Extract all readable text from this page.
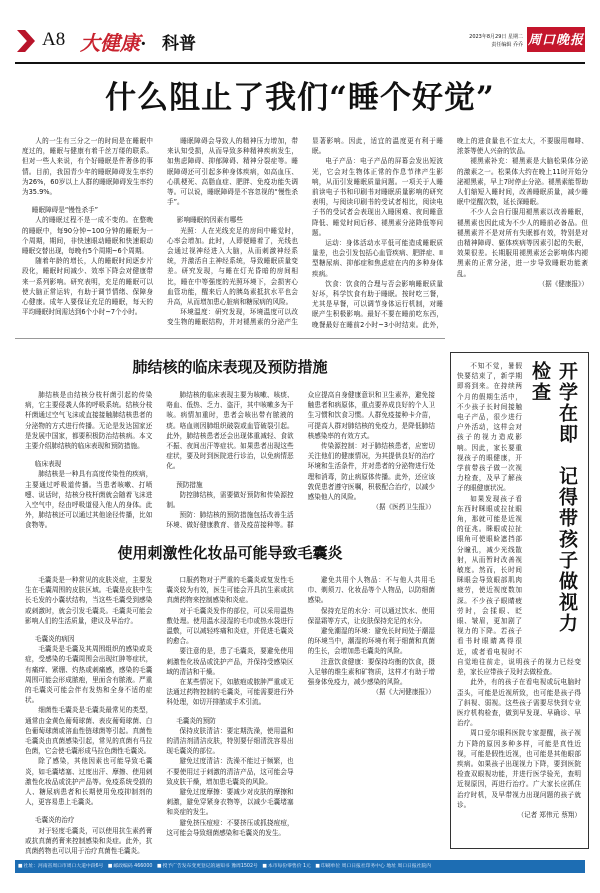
A8 大健康· 科普	2023年8月29日 星期二
责任编辑 乔乔 周口晚报
什么阻止了我们“睡个好觉”

人的一生有三分之一的时间是在睡眠中度过的，睡眠与健康有着千丝万缕的联系。但对一些人来说，有个好睡眠是件奢侈的事情。目前，我国青少年的睡眠障碍发生率约为26%，60岁以上人群的睡眠障碍发生率约为35.9%。

睡眠障碍是“慢性杀手”

人的睡眠过程不是一成不变的。在整晚的睡眠中，每90分钟~100分钟的睡眠为一个周期，期间，非快速眼动睡眠和快速眼动睡眠交替出现，每晚有5个周期~6个周期。

随着年龄的增长，人的睡眠时间逐步片段化，睡眠时间减少、效率下降会对健康带来一系列影响。研究表明，充足的睡眠可以使大脑正常运转，有助于调节情绪、保障身心健康。成年人要保证充足的睡眠，每天的平均睡眠时间需达到6个小时~7个小时。

睡眠障碍会导致人的精神压力增加，带来认知受损，从而导致多种精神疾病发生，如焦虑障碍、抑郁障碍、精神分裂症等。睡眠障碍还可引起多种身体疾病，如高血压、心肌梗死、高脂血症、肥胖、免疫功能失调等。可以说，睡眠障碍是不容忽视的“慢性杀手”。

影响睡眠的因素有哪些

光照：人在光线充足的房间中睡觉时，心率会增加。此时，人即便睡着了，光线也会通过视神经进入大脑，从而刺激神经系统，并激活自主神经系统，导致睡眠质量变差。研究发现，与睡在灯光昏暗的房间相比，睡在中等强度的光照环境下，会损害心血管功能，醒来后人的胰岛素抵抗水平也会升高，从而增加患心脏病和糖尿病的风险。

环境温度：研究发现，环境温度可以改变生物的睡眠结构，并对褪黑素的分泌产生显著影响。因此，适宜的温度更有利于睡眠。

电子产品：电子产品的屏幕会发出短波光，它会对生物体正常的作息节律产生影响，从而引发睡眠质量问题。一项关于人睡前读电子书和印刷书对睡眠质量影响的研究表明，与阅读印刷书的受试者相比，阅读电子书的受试者会表现出入睡困难、夜间睡意降低、睡觉时间后移、褪黑素分泌降低等问题。

运动：身体活动水平低可能造成睡眠质量差，也会引发包括心血管疾病、肥胖症、II型糖尿病、抑郁症和焦虑症在内的多种身体疾病。

饮食：饮食的合理与否会影响睡眠质量好坏，科学饮食有助于睡眠。按时吃三餐，尤其是早餐，可以调节身体运行机制，对睡眠产生积极影响。最好不要在睡前吃东西，晚餐最好在睡前2小时~3小时结束。此外，晚上的进食量也不宜太大，不要服用咖啡、浓茶等使人兴奋的饮品。

褪黑素补充：褪黑素是大脑松果体分泌的激素之一。松果体大约在晚上11时开始分泌褪黑素，早上7时停止分泌。褪黑素能帮助人们缩短入睡时间，改善睡眠质量，减少睡眠中觉醒次数，延长深睡眠。

不少人会自行服用褪黑素以改善睡眠，褪黑素也因此成为不少人的睡前必备品。但褪黑素并不是对所有失眠都有效，特别是对由精神障碍、躯体疾病等因素引起的失眠，效果很差。长期服用褪黑素还会影响体内褪黑素的正常分泌，进一步导致睡眠功能紊乱。

（据《健康报》）

肺结核的临床表现及预防措施

肺结核是由结核分枝杆菌引起的传染病，它主要侵袭人体的呼吸系统。结核分枝杆菌通过空气飞沫或直接接触肺结核患者的分泌物的方式进行传播。无论是发达国家还是发展中国家，都要积极防治结核病。本文主要介绍肺结核的临床表现和预防措施。

临床表现

肺结核是一种具有高度传染性的疾病，主要通过呼吸道传播。当患者咳嗽、打喷嚏、说话时，结核分枝杆菌就会随着飞沫进入空气中，经由呼吸道侵入他人的身体。此外，肺结核还可以通过其他途径传播，比如食物等。

肺结核的临床表现主要为咳嗽、咳痰、咯血、低热、乏力、盗汗，其中咳嗽多为干咳。病情加重时，患者会咳出带有脓液的痰。咯血则因肺组织破裂或血管破裂引起。此外，肺结核患者还会出现体重减轻、食欲不振、夜间出汗等症状。如果患者出现这些症状，要及时到医院进行诊治，以免病情恶化。

预防措施

防控肺结核，需要做好预防和传染源控制。

预防：肺结核的预防措施包括改善生活环境、做好健康教育、普及疫苗接种等。群众应提高自身健康意识和卫生素养，避免接触患者和病原体，重点要养成良好的个人卫生习惯和饮食习惯。人群免疫接种卡介苗，可提高人群对肺结核的免疫力，是降低肺结核感染率的有效方式。

传染源控制：对于肺结核患者，应密切关注他们的健康情况，为其提供良好的治疗环境和生活条件，并对患者的分泌物进行处理和消毒，防止病原体传播。此外，还应该敦促患者遵守医嘱，积极配合治疗，以减少感染他人的风险。

（据《医药卫生报》）

使用刺激性化妆品可能导致毛囊炎

毛囊炎是一种常见的皮肤炎症，主要发生在毛囊周围的皮肤区域。毛囊是皮肤中生长毛发的小囊状结构，当这些毛囊受到感染或刺激时，就会引发毛囊炎。毛囊炎可能会影响人们的生活质量，建议及早治疗。

毛囊炎的病因

毛囊炎是毛囊及其周围组织的感染或炎症，受感染的毛囊周围会出现红肿等症状，有痛痒、紧绷、灼热或刺痛感，感染的毛囊周围可能会形成脓疱，里面含有脓液。严重的毛囊炎可能会伴有发热和全身不适的症状。

细菌性毛囊炎是毛囊炎最常见的类型，通常由金黄色葡萄球菌、表皮葡萄球菌、白色葡萄球菌或溶血性链球菌等引起。真菌性毛囊炎由真菌感染引起，常见的真菌有马拉色菌，它会使毛囊形成马拉色菌性毛囊炎。

除了感染，其他因素也可能导致毛囊炎，如毛囊堵塞、过度出汗、摩擦、使用刺激性化妆品或洗护产品等。免疫系统受损的人、糖尿病患者和长期使用免疫抑制剂的人，更容易患上毛囊炎。

毛囊炎的治疗

对于轻度毛囊炎，可以使用抗生素药膏或抗真菌药膏来控制感染和炎症。此外，抗真菌药物也可以用于治疗真菌性毛囊炎。

口服药物对于严重的毛囊炎或复发性毛囊炎较为有效，医生可能会开具抗生素或抗真菌药物来控制感染和炎症。

对于毛囊炎发作的部位，可以采用温热敷处理。使用温水浸湿的毛巾或热水袋进行温敷，可以减轻疼痛和炎症，并促进毛囊炎的愈合。

要注意的是，患了毛囊炎，要避免使用刺激性化妆品或洗护产品，并保持受感染区域的清洁和干燥。

在某些情况下，如脓疱或脓肿严重或无法通过药物控制的毛囊炎，可能需要进行外科处理，如切开排脓或手术引流。

毛囊炎的预防

保持皮肤清洁：要定期洗澡，使用温和的清洁剂清洁皮肤，特别要仔细清洗容易出现毛囊炎的部位。

避免过度清洁：洗澡不能过于频繁，也不要使用过于刺激的清洁产品，这可能会导致皮肤干燥，增加患毛囊炎的风险。

避免过度摩擦：要减少对皮肤的摩擦和刺激，避免穿紧身衣物等，以减少毛囊堵塞和炎症的发生。

避免挤压痘痘：不要挤压或抓挠痘痘，这可能会导致细菌感染和毛囊炎的发生。

避免共用个人物品：不与他人共用毛巾、剃须刀、化妆品等个人物品，以防细菌感染。

保持充足的水分：可以通过饮水、使用保湿霜等方式，让皮肤保持充足的水分。

避免潮湿的环境：避免长时间处于潮湿的环境当中，潮湿的环境有利于细菌和真菌的生长，会增加患毛囊炎的风险。

注意饮食健康：要保持均衡的饮食，摄入足够的维生素和矿物质，这样才有助于增强身体免疫力，减少感染的风险。

（据《大河健康报》）

开学在即　记得带孩子做视力检查

不知不觉，暑假快要结束了，新学期即将到来。在持续两个月的假期生活中，不少孩子长时间接触电子产品，很少进行户外活动，这样会对孩子的视力造成影响。因此，家长要重视孩子的眼健康，开学前带孩子做一次视力检查，及早了解孩子的眼健康状况。

如果发现孩子看东西时眯眼或拉扯眼角，那就可能是近视的征兆。眯眼或拉扯眼角可使眼睑遮挡部分瞳孔，减少光线散射，从而暂时改善视敏度。然而，长时间眯眼会导致眼部肌肉疲劳，使近视度数加深。不少孩子眼睛疲劳时，会揉眼、眨眼、皱眉，更加剧了视力的下降。若孩子看书时眼睛离得很近，或者看电视时不自觉地往前走，说明孩子的视力已经变差，家长应带孩子及时去做检查。

此外，有的孩子在看电视或玩电脑时歪头，可能是近视所致，也可能是孩子得了斜视、弱视。这些孩子需要尽快到专业医疗机构检查，做到早发现、早确诊、早治疗。

周口爱尔眼科医院专家提醒，孩子视力下降的原因多种多样，可能是真性近视，可能是假性近视，也可能是其他眼部疾病。如果孩子出现视力下降，要到医院检查双眼视功能，并进行医学验光，查明近视原因，再进行治疗。广大家长应抓住治疗时机，及早带视力出现问题的孩子就诊。

（记者 郑伟元 蔡翔）

■ 社址：河南省周口市周口大道中段6号 ■ 邮政编码 466000 ■ 授予广告发布变更登记的通知书 豫周1502号 ■ 本市每份零售价 1元 ■ 印刷单位 周口日报社印务中心 地址 周口日报社院内
